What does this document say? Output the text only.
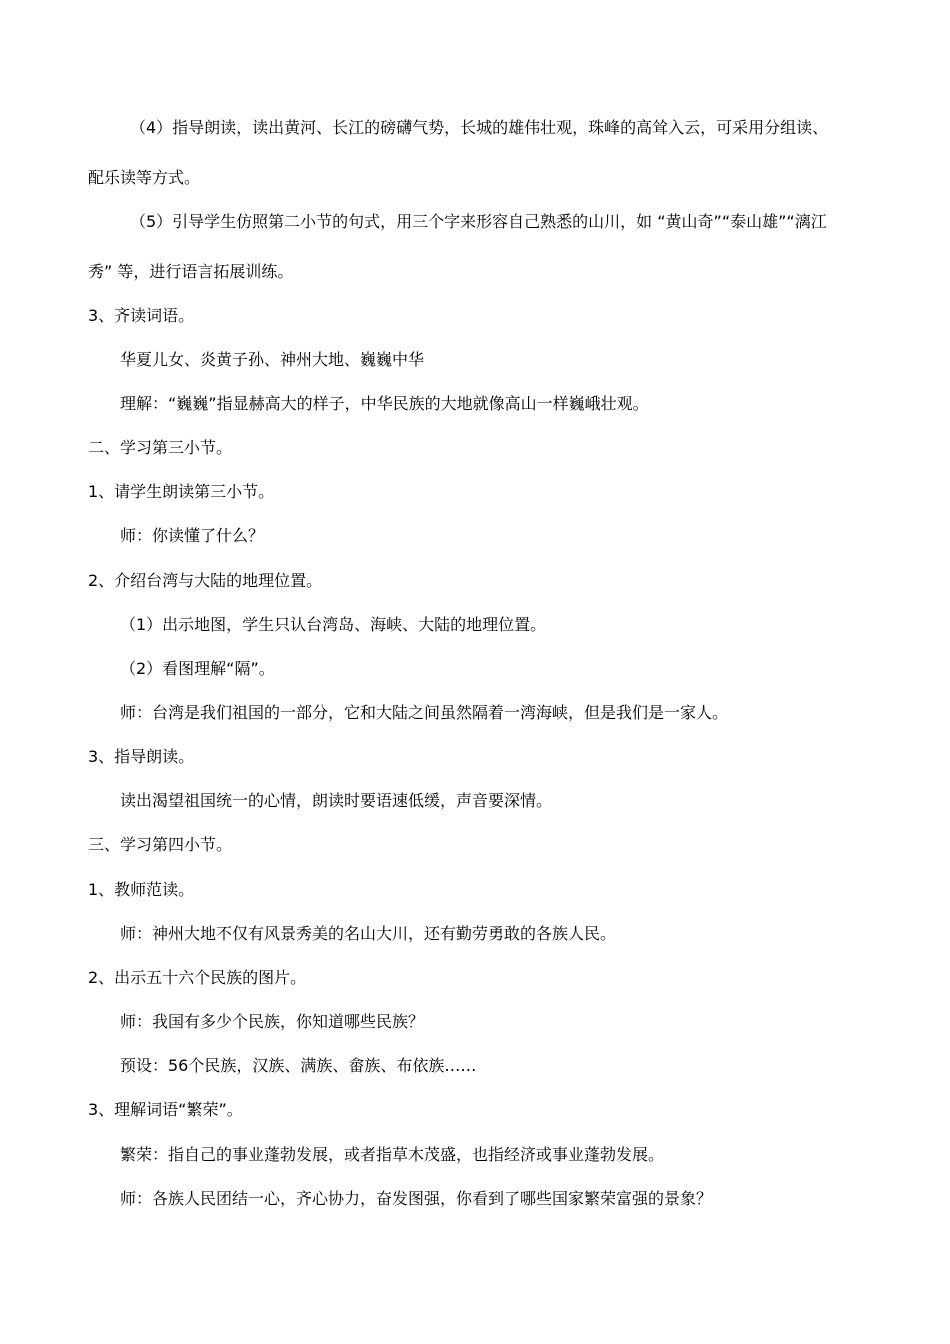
（4）指导朗读，读出黄河、长江的磅礴气势，长城的雄伟壮观，珠峰的高耸入云，可采用分组读、
配乐读等方式。
（5）引导学生仿照第二小节的句式，用三个字来形容自己熟悉的山川，如 “黄山奇”“泰山雄”“漓江
秀” 等，进行语言拓展训练。
3、齐读词语。
华夏儿女、炎黄子孙、神州大地、巍巍中华
理解：“巍巍”指显赫高大的样子，中华民族的大地就像高山一样巍峨壮观。
二、学习第三小节。
1、请学生朗读第三小节。
师：你读懂了什么？
2、介绍台湾与大陆的地理位置。
（1）出示地图，学生只认台湾岛、海峡、大陆的地理位置。
（2）看图理解“隔”。
师：台湾是我们祖国的一部分，它和大陆之间虽然隔着一湾海峡，但是我们是一家人。
3、指导朗读。
读出渴望祖国统一的心情，朗读时要语速低缓，声音要深情。
三、学习第四小节。
1、教师范读。
师：神州大地不仅有风景秀美的名山大川，还有勤劳勇敢的各族人民。
2、出示五十六个民族的图片。
师：我国有多少个民族，你知道哪些民族？
预设：56个民族，汉族、满族、畲族、布依族……
3、理解词语“繁荣”。
繁荣：指自己的事业蓬勃发展，或者指草木茂盛，也指经济或事业蓬勃发展。
师：各族人民团结一心，齐心协力，奋发图强，你看到了哪些国家繁荣富强的景象？
